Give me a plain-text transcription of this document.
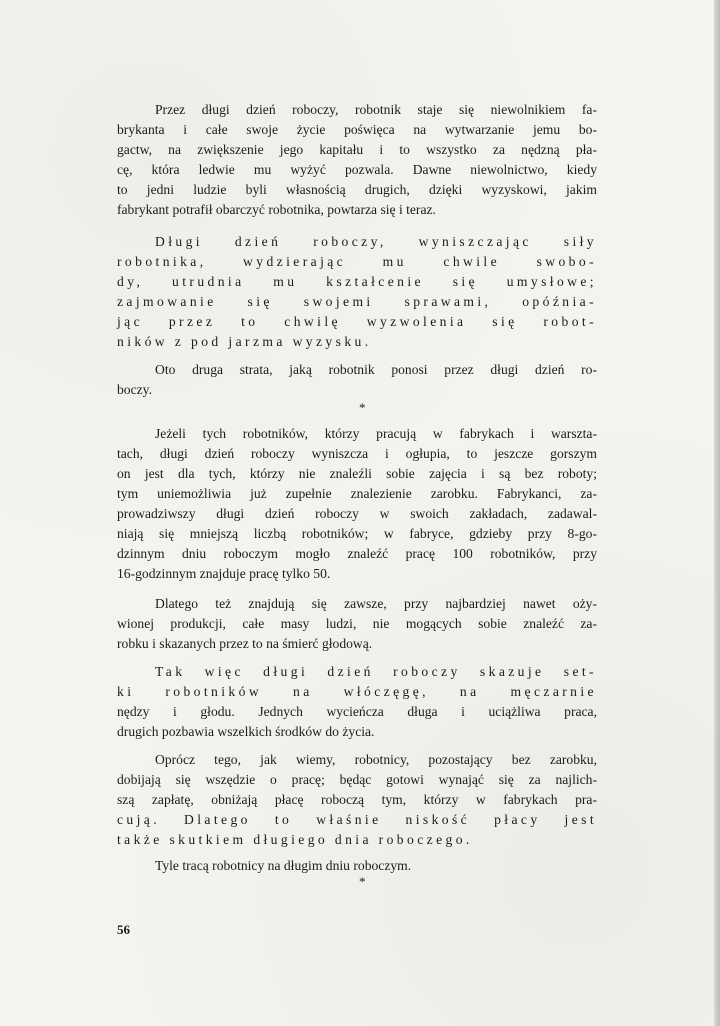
Przez długi dzień roboczy, robotnik staje się niewolnikiem fa-
brykanta i całe swoje życie poświęca na wytwarzanie jemu bo-
gactw, na zwiększenie jego kapitału i to wszystko za nędzną pła-
cę, która ledwie mu wyżyć pozwala. Dawne niewolnictwo, kiedy
to jedni ludzie byli własnością drugich, dzięki wyzyskowi, jakim
fabrykant potrafił obarczyć robotnika, powtarza się i teraz.
Długi dzień roboczy, wyniszczając siły
robotnika, wydzierając mu chwile swobo-
dy, utrudnia mu kształcenie się umysłowe;
zajmowanie się swojemi sprawami, opóźnia-
jąc przez to chwilę wyzwolenia się robot-
ników z pod jarzma wyzysku.
Oto druga strata, jaką robotnik ponosi przez długi dzień ro-
boczy.
*
Jeżeli tych robotników, którzy pracują w fabrykach i warszta-
tach, długi dzień roboczy wyniszcza i ogłupia, to jeszcze gorszym
on jest dla tych, którzy nie znaleźli sobie zajęcia i są bez roboty;
tym uniemożliwia już zupełnie znalezienie zarobku. Fabrykanci, za-
prowadziwszy długi dzień roboczy w swoich zakładach, zadawal-
niają się mniejszą liczbą robotników; w fabryce, gdzieby przy 8-go-
dzinnym dniu roboczym mogło znaleźć pracę 100 robotników, przy
16-godzinnym znajduje pracę tylko 50.
Dlatego też znajdują się zawsze, przy najbardziej nawet oży-
wionej produkcji, całe masy ludzi, nie mogących sobie znaleźć za-
robku i skazanych przez to na śmierć głodową.
Tak więc długi dzień roboczy skazuje set-
ki robotników na włóczęgę, na męczarnie
nędzy i głodu. Jednych wycieńcza długa i uciążliwa praca,
drugich pozbawia wszelkich środków do życia.
Oprócz tego, jak wiemy, robotnicy, pozostający bez zarobku,
dobijają się wszędzie o pracę; będąc gotowi wynająć się za najlich-
szą zapłatę, obniżają płacę roboczą tym, którzy w fabrykach pra-
cują. Dlatego to właśnie niskość płacy jest
także skutkiem długiego dnia roboczego.
Tyle tracą robotnicy na długim dniu roboczym.
*
56
